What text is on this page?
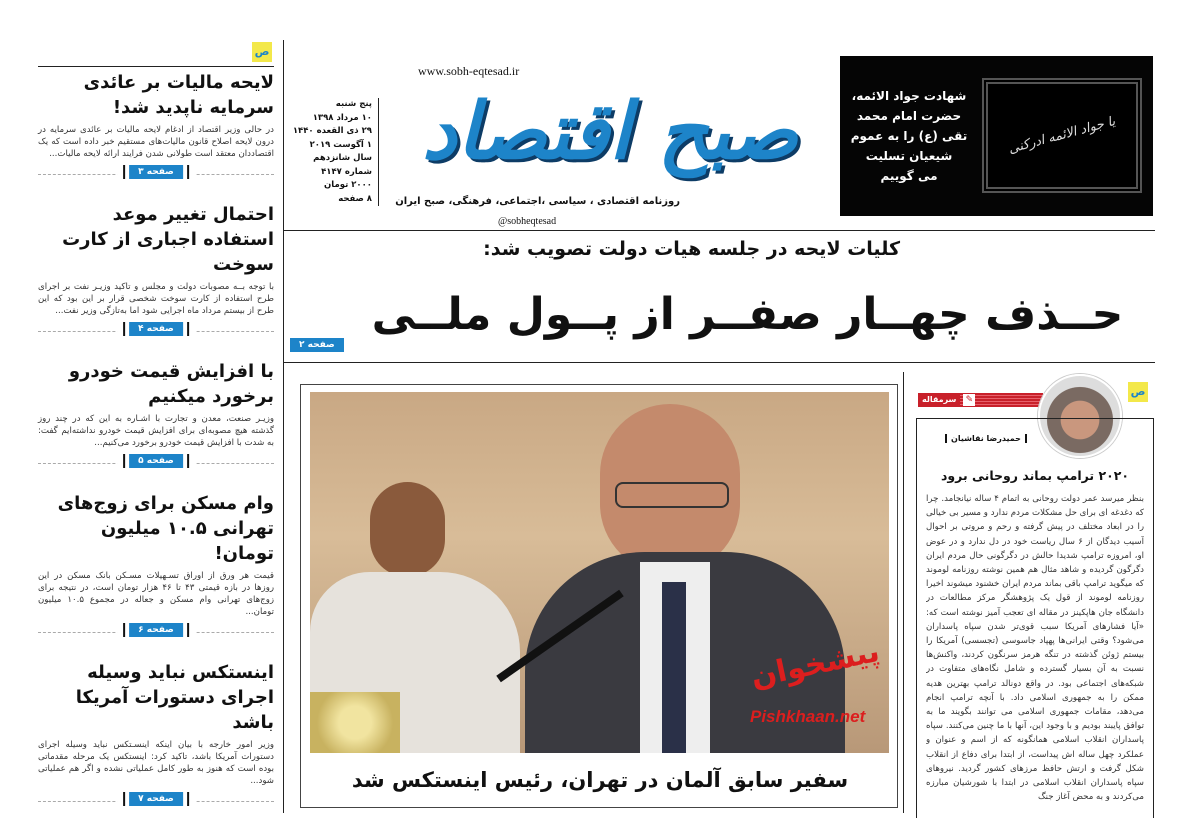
ص
لایحه مالیات بر عائدی سرمایه ناپدید شد!

در حالی وزیر اقتصاد از ادغام لایحه مالیات بر عائدی سرمایه در درون لایحه اصلاح قانون مالیات‌های مستقیم خبر داده است که یک اقتصاددان معتقد است طولانی شدن فرایند ارائه لایحه مالیات...

صفحه ۳
احتمال تغییر موعد استفاده اجباری از کارت سوخت

با توجه بــه مصوبات دولت و مجلس و تاکید وزیـر نفت بر اجرای طرح استفاده از کارت سوخت شخصی قرار بر این بود که این طرح از بیستم مرداد ماه اجرایی شود اما به‌تازگی وزیر نفت...

صفحه ۴
با افزایش قیمت خودرو برخورد میکنیم

وزیـر صنعت، معدن و تجارت با اشـاره به این که در چند روز گذشته هیچ مصوبه‌ای برای افزایش قیمت خودرو نداشته‌ایم گفت: به شدت با افزایش قیمت خودرو برخورد می‌کنیم...

صفحه ۵
وام مسکن برای زوج‌های تهرانی ۱۰.۵ میلیون تومان!

قیمت هر ورق از اوراق تسـهیلات مسـکن بانک مسکن در این روزها در بازه قیمتی ۴۳ تا ۴۶ هزار تومان است، در نتیجه برای زوج‌های تهرانی وام مسکن و جعاله در مجموع ۱۰.۵ میلیون تومان...

صفحه ۶
اینستکس نباید وسیله اجرای دستورات آمریکا باشد

وزیر امور خارجه با بیان اینکه اینسـتکس نباید وسیله اجرای دستورات آمریکا باشد، تاکید کرد: اینستکس یک مرحله مقدماتی بوده است که هنوز به طور کامل عملیاتی نشده و اگر هم عملیاتی شود...

صفحه ۷
پنج شنبه
۱۰ مرداد ۱۳۹۸
۲۹ ذی القعده ۱۴۴۰
۱ آگوست ۲۰۱۹
سال شانزدهم
شماره ۴۱۴۷
۲۰۰۰ تومان
۸ صفحه
www.sobh-eqtesad.ir
صبح اقتصاد
روزنامه اقتصادی ، سیاسی ،اجتماعی، فرهنگی، صبح ایران
@sobheqtesad
شهادت جواد الائمه،
حضرت امام محمد
تقی (ع) را به عموم
شیعیان تسلیت
می گوییم
یا جواد الائمه ادرکنی
کلیات لایحه در جلسه هیات دولت تصویب شد:
حــذف چهــار صفــر از پــول ملــی
صفحه ۲
پیشخوان
Pishkhaan.net
سفیر سابق آلمان در تهران، رئیس اینستکس شد
ص
سرمقاله	✎
حمیدرضا نقاشیان
۲۰۲۰ ترامپ بماند روحانی برود
بنظر میرسد عمر دولت روحانی به اتمام ۴ ساله نیانجامد. چرا که دغدغه ای برای حل مشکلات مردم ندارد و مسیر بی خیالی را در ابعاد مختلف در پیش گرفته و رحم و مروتی بر احوال آسیب دیدگان از ۶ سال ریاست خود در دل ندارد و در عوض او، امروزه ترامپ شدیدا حالش در دگرگونی حال مردم ایران دگرگون گردیده و شاهد مثال هم همین نوشته روزنامه لوموند که میگوید ترامپ باقی بماند مردم ایران خشنود میشوند اخیرا روزنامه لوموند از قول یک پژوهشگر مرکز مطالعات در دانشگاه جان هاپکینز در مقاله ای تعجب آمیز نوشته است که: «آیا فشارهای آمریکا سبب قوی‌تر شدن سپاه پاسداران می‌شود؟ وقتی ایرانی‌ها پهپاد جاسوسی (تجسسی) آمریکا را بیستم ژوئن گذشته در تنگه هرمز سرنگون کردند، واکنش‌ها نسبت به آن بسیار گسترده و شامل نگاه‌های متفاوت در شبکه‌های اجتماعی بود. در واقع دونالد ترامپ بهترین هدیه ممکن را به جمهوری اسلامی داد. با آنچه ترامپ انجام می‌دهد، مقامات جمهوری اسلامی می توانند بگویند ما به توافق پایبند بودیم و با وجود این، آنها با ما چنین می‌کنند. سپاه پاسداران انقلاب اسلامی همانگونه که از اسم و عنوان و عملکرد چهل ساله اش پیداست، از ابتدا برای دفاع از انقلاب شکل گرفت و ارتش حافظ مرزهای کشور گردید. نیروهای سپاه پاسداران انقلاب اسلامی در ابتدا با شورشیان مبارزه می‌کردند و به محض آغاز جنگ
